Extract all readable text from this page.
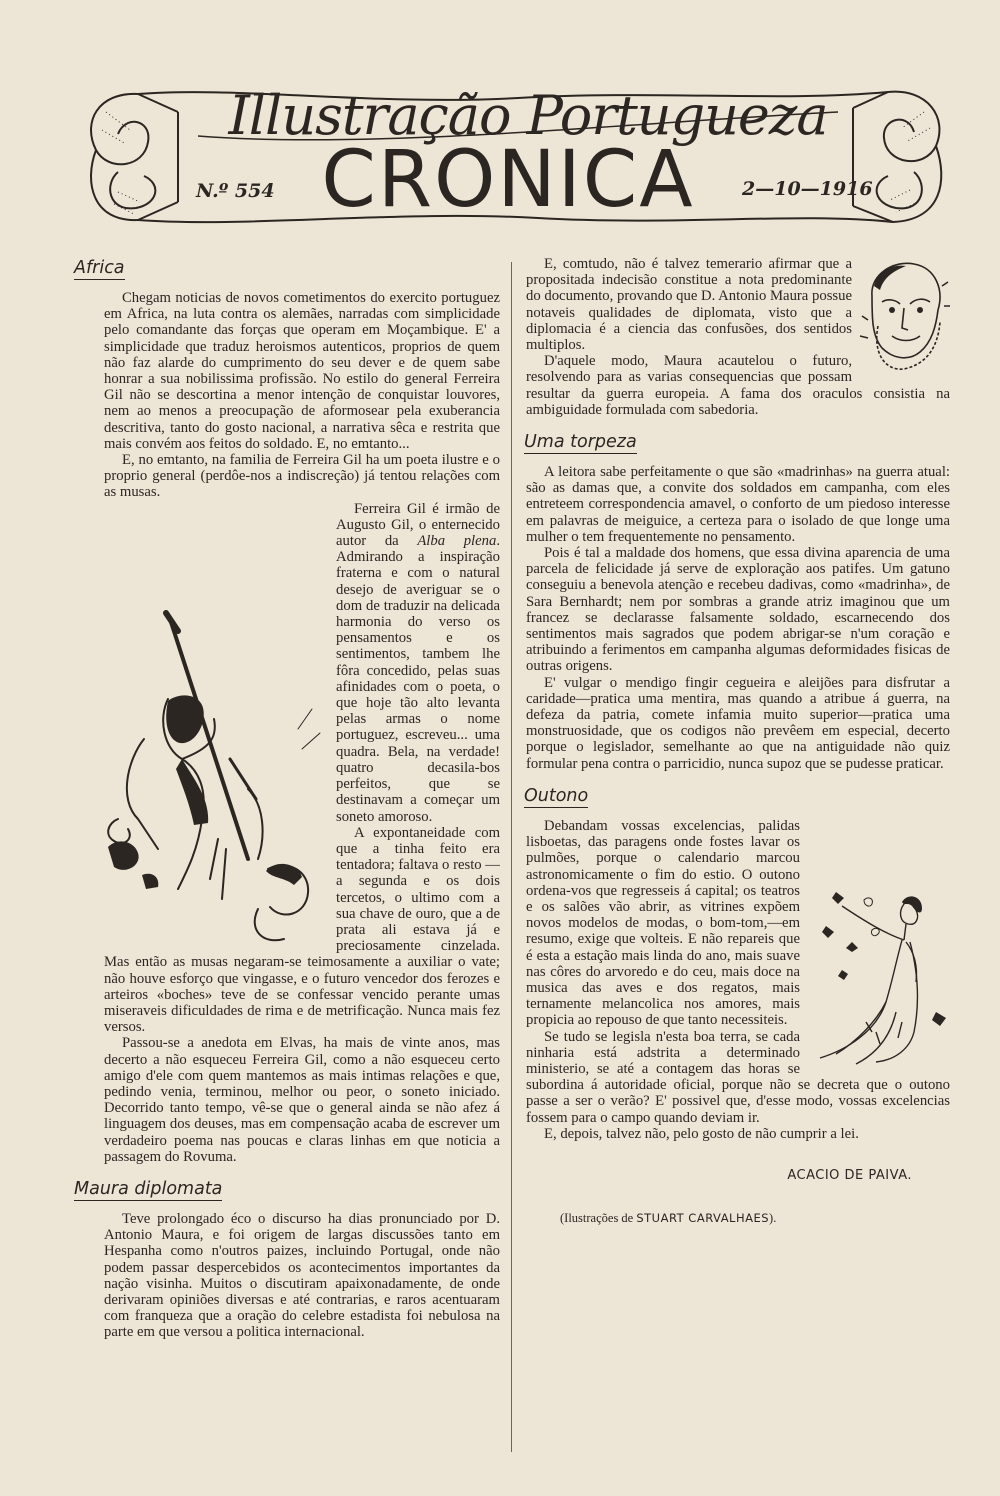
Illustração Portugueza
CRONICA
N.º 554	2—10—1916
Africa

Chegam noticias de novos cometimentos do exercito portuguez em Africa, na luta contra os alemães, narradas com simplicidade pelo comandante das forças que operam em Moçambique. E' a simplicidade que traduz heroismos autenticos, proprios de quem não faz alarde do cumprimento do seu dever e de quem sabe honrar a sua nobilissima profissão. No estilo do general Ferreira Gil não se descortina a menor intenção de conquistar louvores, nem ao menos a preocupação de aformosear pela exuberancia descritiva, tanto do gosto nacional, a narrativa sêca e restrita que mais convém aos feitos do soldado. E, no emtanto...

E, no emtanto, na familia de Ferreira Gil ha um poeta ilustre e o proprio general (perdôe-nos a indiscreção) já tentou relações com as musas.

Ferreira Gil é irmão de Augusto Gil, o enternecido autor da Alba plena. Admirando a inspiração fraterna e com o natural desejo de averiguar se o dom de traduzir na delicada harmonia do verso os pensamentos e os sentimentos, tambem lhe fôra concedido, pelas suas afinidades com o poeta, o que hoje tão alto levanta pelas armas o nome portuguez, escreveu... uma quadra. Bela, na verdade! quatro decasila-bos perfeitos, que se destinavam a começar um soneto amoroso.

A expontaneidade com que a tinha feito era tentadora; faltava o resto —a segunda e os dois tercetos, o ultimo com a sua chave de ouro, que a de prata ali estava já e preciosamente cinzelada. Mas então as musas negaram-se teimosamente a auxiliar o vate; não houve esforço que vingasse, e o futuro vencedor dos ferozes e arteiros «boches» teve de se confessar vencido perante umas miseraveis dificuldades de rima e de metrificação. Nunca mais fez versos.

Passou-se a anedota em Elvas, ha mais de vinte anos, mas decerto a não esqueceu Ferreira Gil, como a não esqueceu certo amigo d'ele com quem mantemos as mais intimas relações e que, pedindo venia, terminou, melhor ou peor, o soneto iniciado. Decorrido tanto tempo, vê-se que o general ainda se não afez á linguagem dos deuses, mas em compensação acaba de escrever um verdadeiro poema nas poucas e claras linhas em que noticia a passagem do Rovuma.

Maura diplomata

Teve prolongado éco o discurso ha dias pronunciado por D. Antonio Maura, e foi origem de largas discussões tanto em Hespanha como n'outros paizes, incluindo Portugal, onde não podem passar despercebidos os acontecimentos importantes da nação visinha. Muitos o discutiram apaixonadamente, de onde derivaram opiniões diversas e até contrarias, e raros acentuaram com franqueza que a oração do celebre estadista foi nebulosa na parte em que versou a politica internacional.

E, comtudo, não é talvez temerario afirmar que a propositada indecisão constitue a nota predominante do documento, provando que D. Antonio Maura possue notaveis qualidades de diplomata, visto que a diplomacia é a ciencia das confusões, dos sentidos multiplos.

D'aquele modo, Maura acautelou o futuro, resolvendo para as varias consequencias que possam resultar da guerra europeia. A fama dos oraculos consistia na ambiguidade formulada com sabedoria.

Uma torpeza

A leitora sabe perfeitamente o que são «madrinhas» na guerra atual: são as damas que, a convite dos soldados em campanha, com eles entreteem correspondencia amavel, o conforto de um piedoso interesse em palavras de meiguice, a certeza para o isolado de que longe uma mulher o tem frequentemente no pensamento.

Pois é tal a maldade dos homens, que essa divina aparencia de uma parcela de felicidade já serve de exploração aos patifes. Um gatuno conseguiu a benevola atenção e recebeu dadivas, como «madrinha», de Sara Bernhardt; nem por sombras a grande atriz imaginou que um francez se declarasse falsamente soldado, escarnecendo dos sentimentos mais sagrados que podem abrigar-se n'um coração e atribuindo a ferimentos em campanha algumas deformidades fisicas de outras origens.

E' vulgar o mendigo fingir cegueira e aleijões para disfrutar a caridade—pratica uma mentira, mas quando a atribue á guerra, na defeza da patria, comete infamia muito superior—pratica uma monstruosidade, que os codigos não prevêem em especial, decerto porque o legislador, semelhante ao que na antiguidade não quiz formular pena contra o parricidio, nunca supoz que se pudesse praticar.

Outono

Debandam vossas excelencias, palidas lisboetas, das paragens onde fostes lavar os pulmões, porque o calendario marcou astronomicamente o fim do estio. O outono ordena-vos que regresseis á capital; os teatros e os salões vão abrir, as vitrines expõem novos modelos de modas, o bom-tom,—em resumo, exige que volteis. E não repareis que é esta a estação mais linda do ano, mais suave nas côres do arvoredo e do ceu, mais doce na musica das aves e dos regatos, mais ternamente melancolica nos amores, mais propicia ao repouso de que tanto necessiteis.

Se tudo se legisla n'esta boa terra, se cada ninharia está adstrita a determinado ministerio, se até a contagem das horas se subordina á autoridade oficial, porque não se decreta que o outono passe a ser o verão? E' possivel que, d'esse modo, vossas excelencias fossem para o campo quando deviam ir.

E, depois, talvez não, pelo gosto de não cumprir a lei.

ACACIO DE PAIVA.
(Ilustrações de STUART CARVALHAES).
